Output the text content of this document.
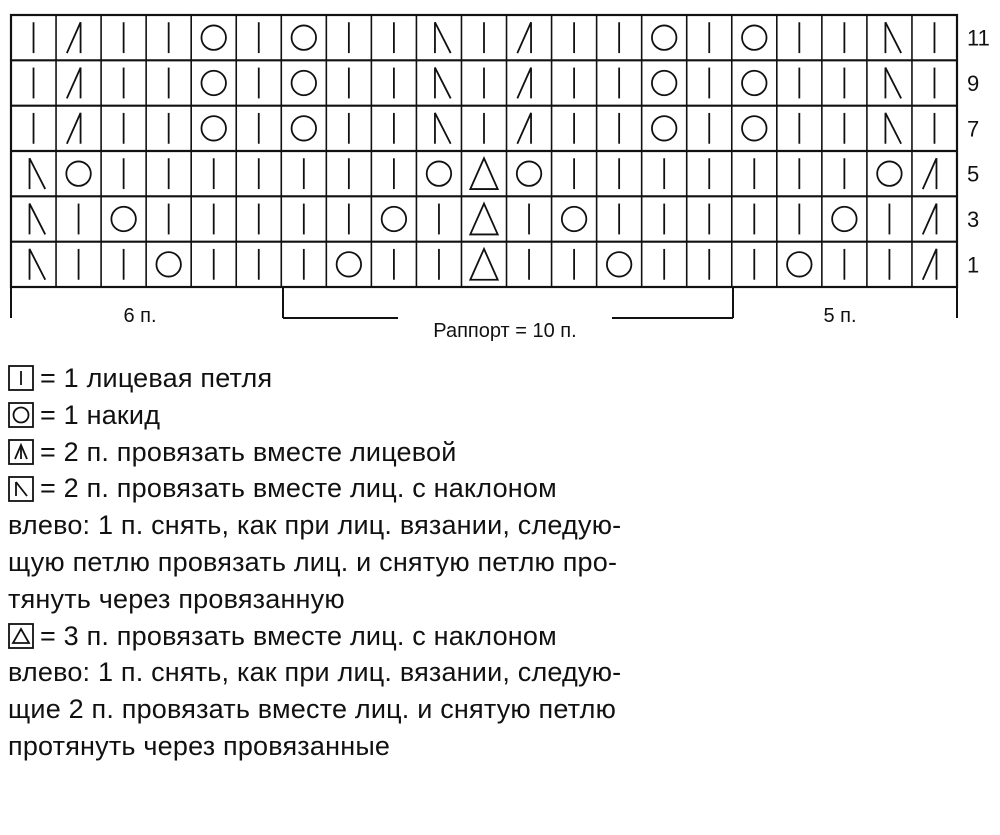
11
9
7
5
3
1
6 п.
Раппорт = 10 п.
5 п.
= 1 лицевая петля
= 1 накид
= 2 п. провязать вместе лицевой
= 2 п. провязать вместе лиц. с наклоном
влево: 1 п. снять, как при лиц. вязании, следую-
щую петлю провязать лиц. и снятую петлю про-
тянуть через провязанную
= 3 п. провязать вместе лиц. с наклоном
влево: 1 п. снять, как при лиц. вязании, следую-
щие 2 п. провязать вместе лиц. и снятую петлю
протянуть через провязанные
